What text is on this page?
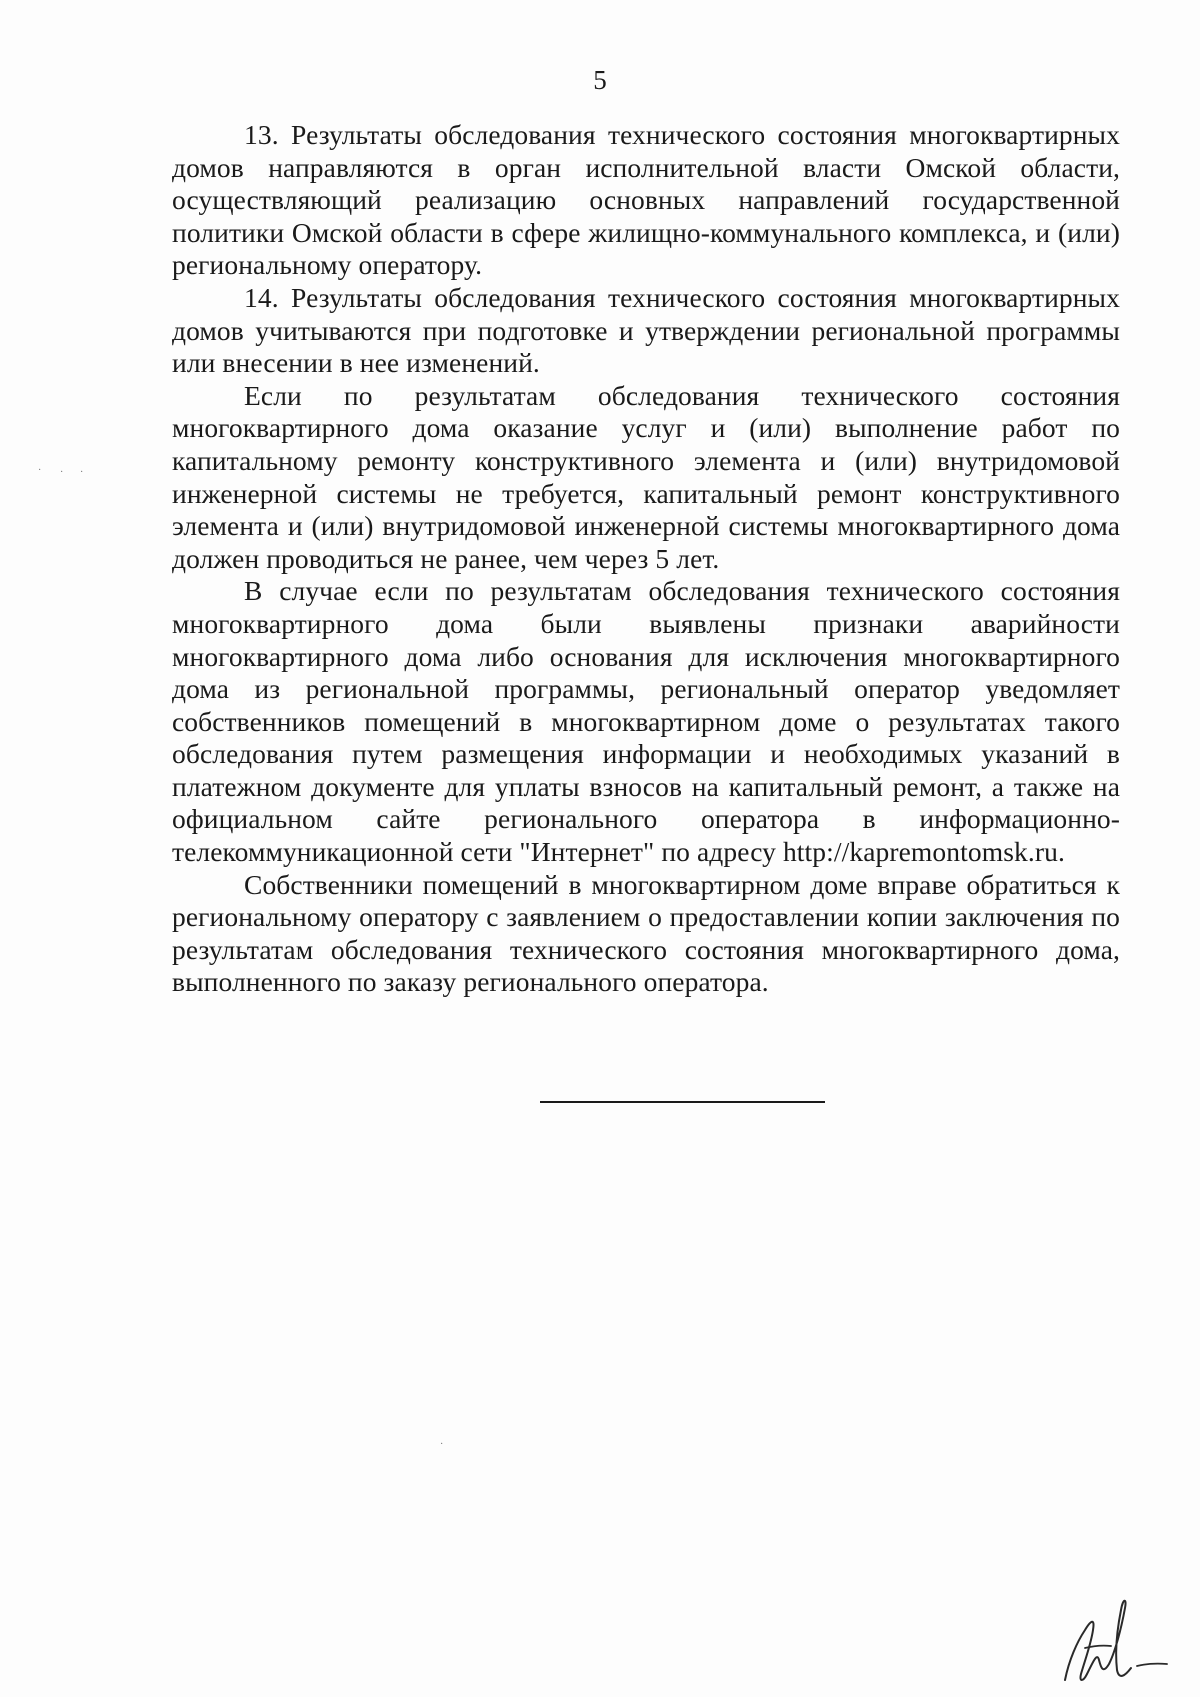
5

13. Результаты обследования технического состояния многоквартирных домов направляются в орган исполнительной власти Омской области, осуществляющий реализацию основных направлений государственной политики Омской области в сфере жилищно-коммунального комплекса, и (или) региональному оператору.

14. Результаты обследования технического состояния многоквартирных домов учитываются при подготовке и утверждении региональной программы или внесении в нее изменений.

Если по результатам обследования технического состояния многоквартирного дома оказание услуг и (или) выполнение работ по капитальному ремонту конструктивного элемента и (или) внутридомовой инженерной системы не требуется, капитальный ремонт конструктивного элемента и (или) внутридомовой инженерной системы многоквартирного дома должен проводиться не ранее, чем через 5 лет.

В случае если по результатам обследования технического состояния многоквартирного дома были выявлены признаки аварийности многоквартирного дома либо основания для исключения многоквартирного дома из региональной программы, региональный оператор уведомляет собственников помещений в многоквартирном доме о результатах такого обследования путем размещения информации и необходимых указаний в платежном документе для уплаты взносов на капитальный ремонт, а также на официальном сайте регионального оператора в информационно-телекоммуникационной сети "Интернет" по адресу http://kapremontomsk.ru.

Собственники помещений в многоквартирном доме вправе обратиться к региональному оператору с заявлением о предоставлении копии заключения по результатам обследования технического состояния многоквартирного дома, выполненного по заказу регионального оператора.

· · ·
·
